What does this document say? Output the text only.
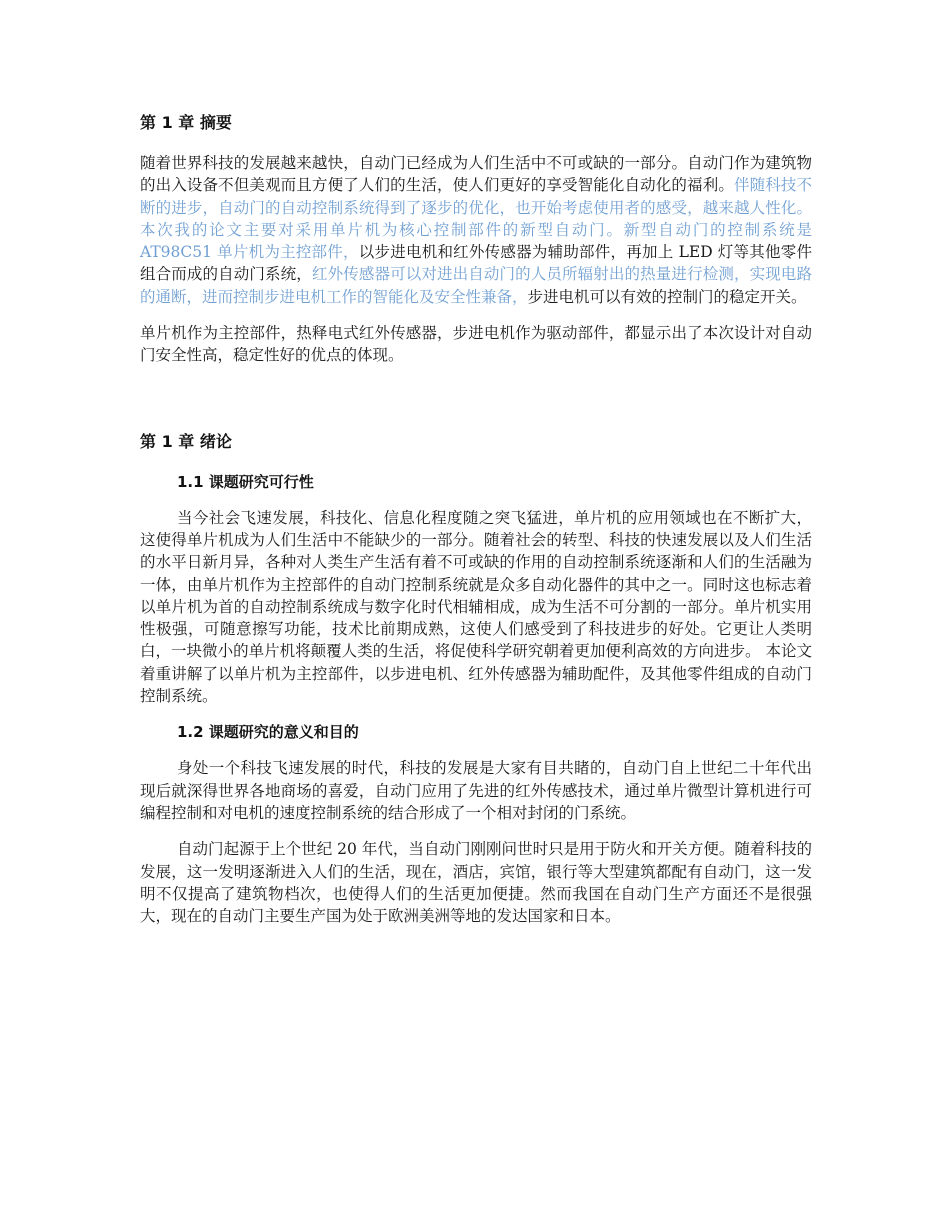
第 1 章 摘要

随着世界科技的发展越来越快，自动门已经成为人们生活中不可或缺的一部分。自动门作为建筑物的出入设备不但美观而且方便了人们的生活，使人们更好的享受智能化自动化的福利。伴随科技不断的进步，自动门的自动控制系统得到了逐步的优化，也开始考虑使用者的感受，越来越人性化。本次我的论文主要对采用单片机为核心控制部件的新型自动门。新型自动门的控制系统是 AT98C51 单片机为主控部件，以步进电机和红外传感器为辅助部件，再加上 LED 灯等其他零件组合而成的自动门系统，红外传感器可以对进出自动门的人员所辐射出的热量进行检测，实现电路的通断，进而控制步进电机工作的智能化及安全性兼备，步进电机可以有效的控制门的稳定开关。

单片机作为主控部件，热释电式红外传感器，步进电机作为驱动部件，都显示出了本次设计对自动门安全性高，稳定性好的优点的体现。

第 1 章 绪论
1.1 课题研究可行性

当今社会飞速发展，科技化、信息化程度随之突飞猛进，单片机的应用领域也在不断扩大，这使得单片机成为人们生活中不能缺少的一部分。随着社会的转型、科技的快速发展以及人们生活的水平日新月异，各种对人类生产生活有着不可或缺的作用的自动控制系统逐渐和人们的生活融为一体，由单片机作为主控部件的自动门控制系统就是众多自动化器件的其中之一。同时这也标志着以单片机为首的自动控制系统成与数字化时代相辅相成，成为生活不可分割的一部分。单片机实用性极强，可随意擦写功能，技术比前期成熟，这使人们感受到了科技进步的好处。它更让人类明白，一块微小的单片机将颠覆人类的生活，将促使科学研究朝着更加便利高效的方向进步。 本论文着重讲解了以单片机为主控部件，以步进电机、红外传感器为辅助配件，及其他零件组成的自动门控制系统。

1.2 课题研究的意义和目的

身处一个科技飞速发展的时代，科技的发展是大家有目共睹的，自动门自上世纪二十年代出现后就深得世界各地商场的喜爱，自动门应用了先进的红外传感技术，通过单片微型计算机进行可编程控制和对电机的速度控制系统的结合形成了一个相对封闭的门系统。

自动门起源于上个世纪 20 年代，当自动门刚刚问世时只是用于防火和开关方便。随着科技的发展，这一发明逐渐进入人们的生活，现在，酒店，宾馆，银行等大型建筑都配有自动门，这一发明不仅提高了建筑物档次，也使得人们的生活更加便捷。然而我国在自动门生产方面还不是很强大，现在的自动门主要生产国为处于欧洲美洲等地的发达国家和日本。
